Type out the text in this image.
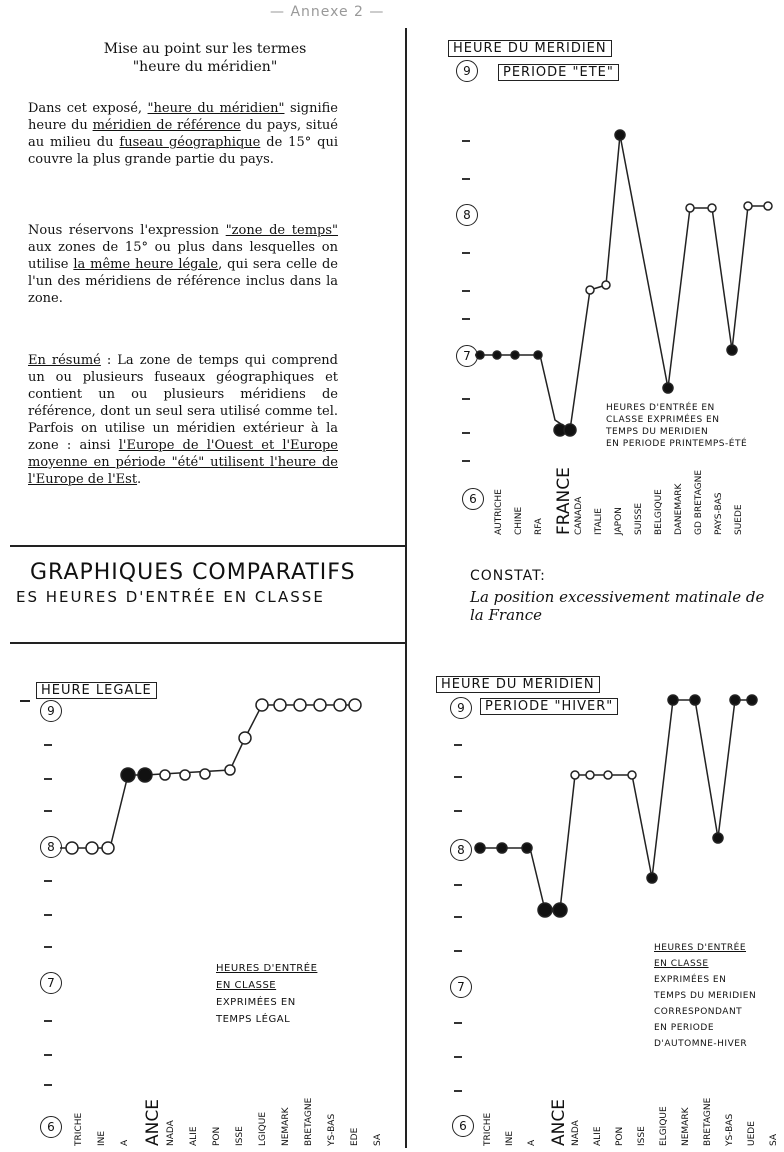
— Annexe 2 —
Mise au point sur les termes
"heure du méridien"
Dans cet exposé, "heure du méridien" signifie heure du méridien de référence du pays, situé au milieu du fuseau géographique de 15° qui couvre la plus grande partie du pays.
Nous réservons l'expression "zone de temps" aux zones de 15° ou plus dans lesquelles on utilise la même heure légale, qui sera celle de l'un des méridiens de référence inclus dans la zone.
En résumé : La zone de temps qui comprend un ou plusieurs fuseaux géographiques et contient un ou plusieurs méridiens de référence, dont un seul sera utilisé comme tel. Parfois on utilise un méridien extérieur à la zone : ainsi l'Europe de l'Ouest et l'Europe moyenne en période "été" utilisent l'heure de l'Europe de l'Est.
GRAPHIQUES COMPARATIFS
ES HEURES D'ENTRÉE EN CLASSE
CONSTAT:
La position excessivement matinale de la France
HEURE DU MERIDIEN
PERIODE "ETE"
9
8
7
6
HEURES D'ENTRÉE EN
CLASSE EXPRIMÉES EN
TEMPS DU MERIDIEN
EN PERIODE PRINTEMPS-ÉTÉ
HEURE LEGALE
9
8
7
6
HEURES D'ENTRÉE
EN CLASSE
EXPRIMÉES EN
TEMPS LÉGAL
HEURE DU MERIDIEN
PERIODE "HIVER"
9
8
7
6
HEURES D'ENTRÉE
EN CLASSE
EXPRIMÉES EN
TEMPS DU MERIDIEN
CORRESPONDANT
EN PERIODE
D'AUTOMNE-HIVER
AUTRICHE CHINE RFA FRANCE CANADA ITALIE JAPON SUISSE BELGIQUE DANEMARK GD BRETAGNE PAYS-BAS SUEDE
TRICHE INE A ANCE NADA ALIE PON ISSE LGIQUE NEMARK BRETAGNE YS-BAS EDE SA	TRICHE INE A ANCE NADA ALIE PON ISSE ELGIQUE NEMARK BRETAGNE YS-BAS UEDE SA
